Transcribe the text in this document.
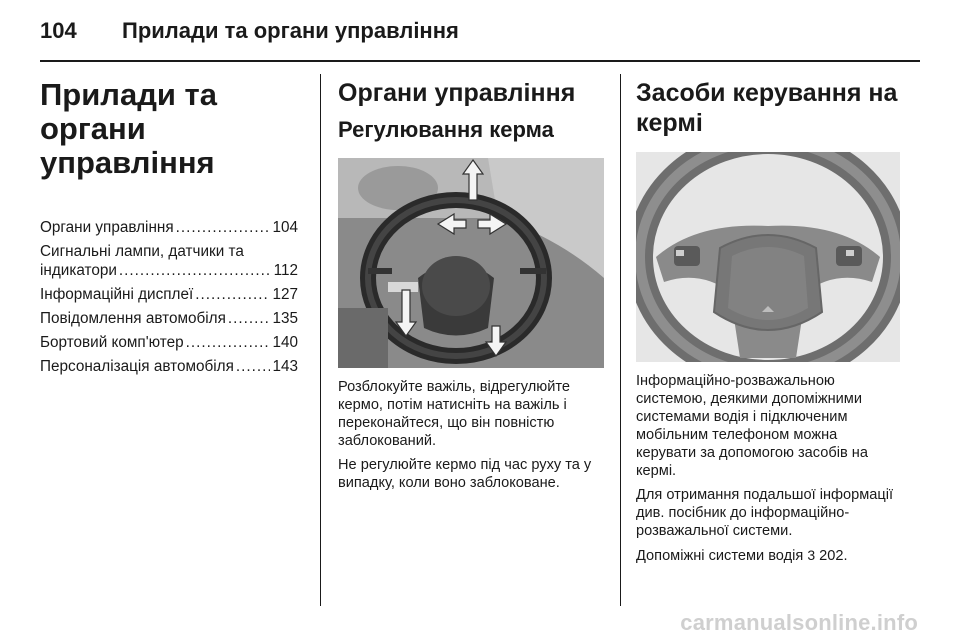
104 Прилади та органи управління
Прилади та органи
управління
Органи управління .....	104
Сигнальні лампи, датчики та
індикатори .....	112
Інформаційні дисплеї .....	127
Повідомлення автомобіля .....	135
Бортовий комп'ютер .....	140
Персоналізація автомобіля .....	143
Органи управління
Регулювання керма

Розблокуйте важіль, відрегулюйте кермо, потім натисніть на важіль і переконайтеся, що він повністю заблокований.

Не регулюйте кермо під час руху та у випадку, коли воно заблоковане.

Засоби керування на
кермі

Інформаційно-розважальною системою, деякими допоміжними системами водія і підключеним мобільним телефоном можна керувати за допомогою засобів на кермі.

Для отримання подальшої інформації див. посібник до інформаційно-розважальної системи.

Допоміжні системи водія 3 202.

carmanualsonline.info
